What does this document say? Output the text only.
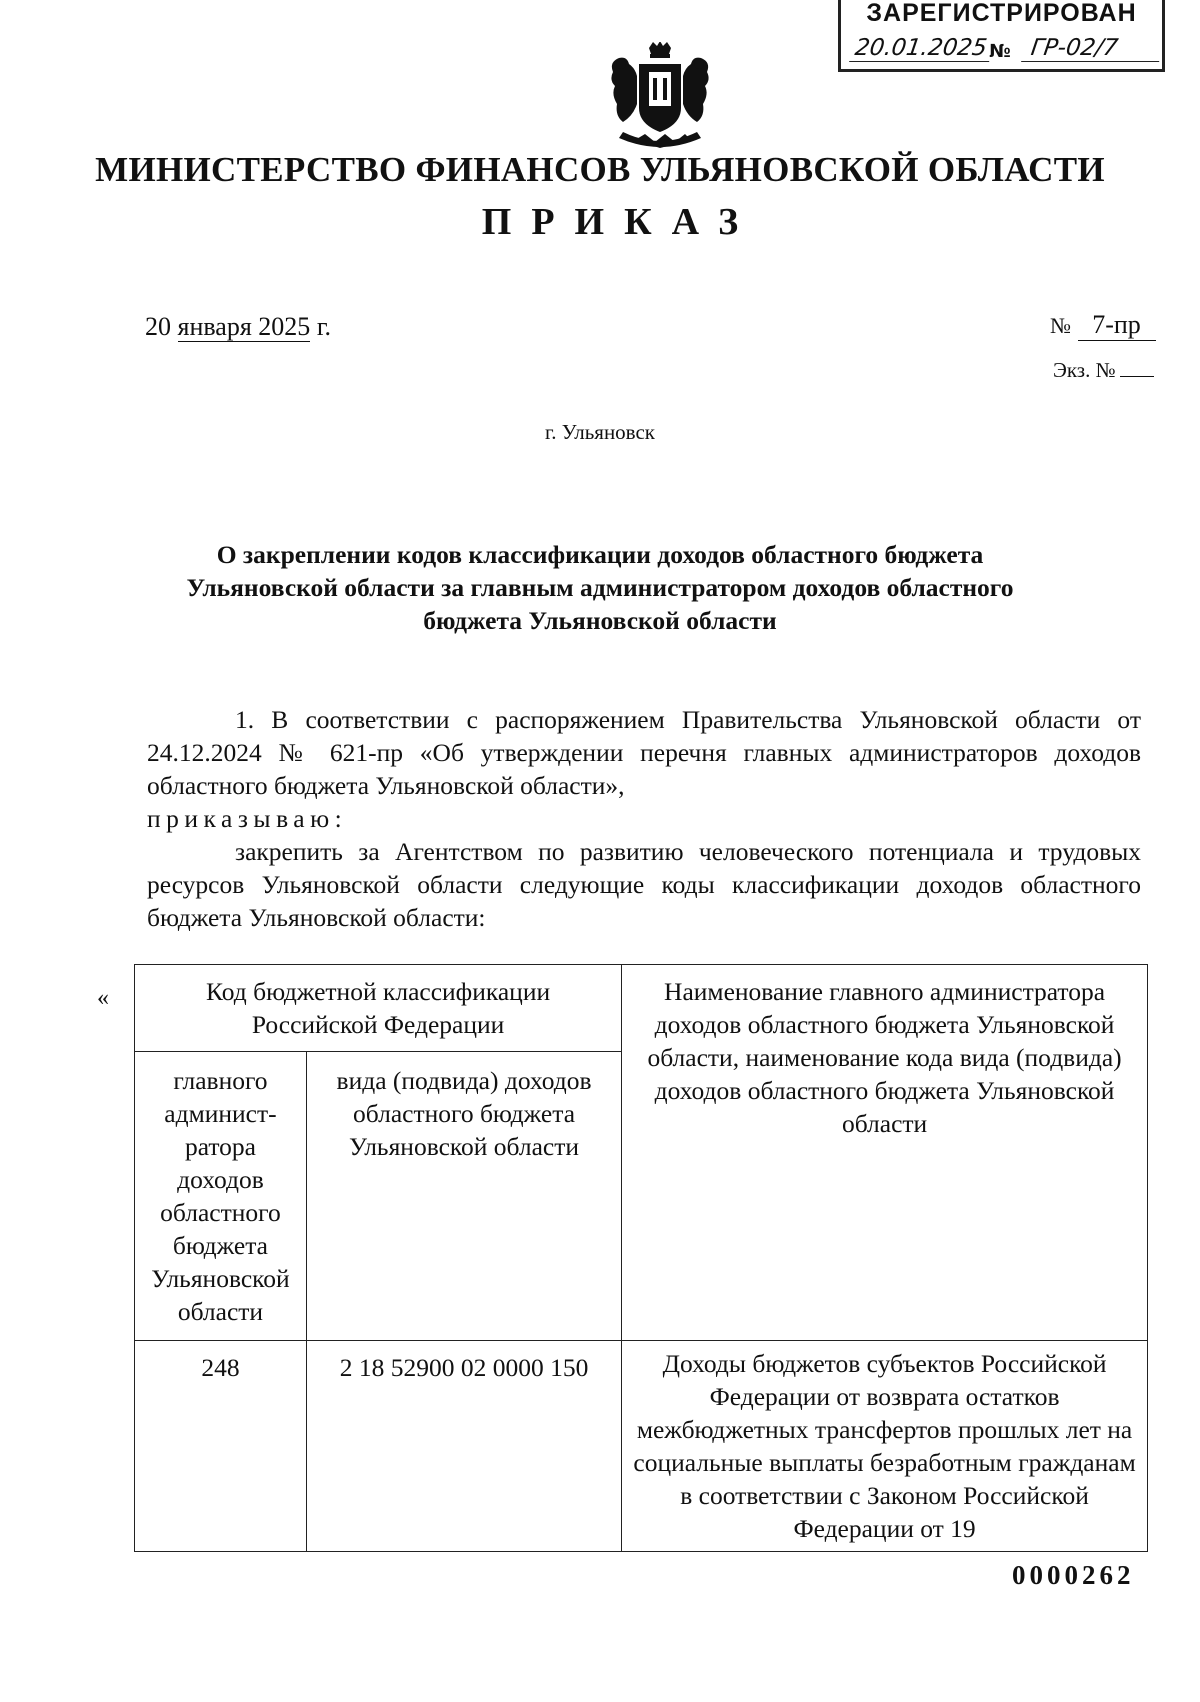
ЗАРЕГИСТРИРОВАН
20.01.2025 № ГР-02/7
МИНИСТЕРСТВО ФИНАНСОВ УЛЬЯНОВСКОЙ ОБЛАСТИ
ПРИКАЗ
20 января 2025 г.	№ 7-пр
Экз. №
г. Ульяновск
О закреплении кодов классификации доходов областного бюджета Ульяновской области за главным администратором доходов областного бюджета Ульяновской области

1. В соответствии с распоряжением Правительства Ульяновской области от 24.12.2024 № 621-пр «Об утверждении перечня главных администраторов доходов областного бюджета Ульяновской области»,

приказываю:

закрепить за Агентством по развитию человеческого потенциала и трудовых ресурсов Ульяновской области следующие коды классификации доходов областного бюджета Ульяновской области:

«	Код бюджетной классификации Российской Федерации		Наименование главного администратора доходов областного бюджета Ульяновской области, наименование кода вида (подвида) доходов областного бюджета Ульяновской области
главного админист-ратора доходов областного бюджета Ульяновской области	вида (подвида) доходов областного бюджета Ульяновской области	
248	2 18 52900 02 0000 150	Доходы бюджетов субъектов Российской Федерации от возврата остатков межбюджетных трансфертов прошлых лет на социальные выплаты безработным гражданам в соответствии с Законом Российской Федерации от 19
0000262
